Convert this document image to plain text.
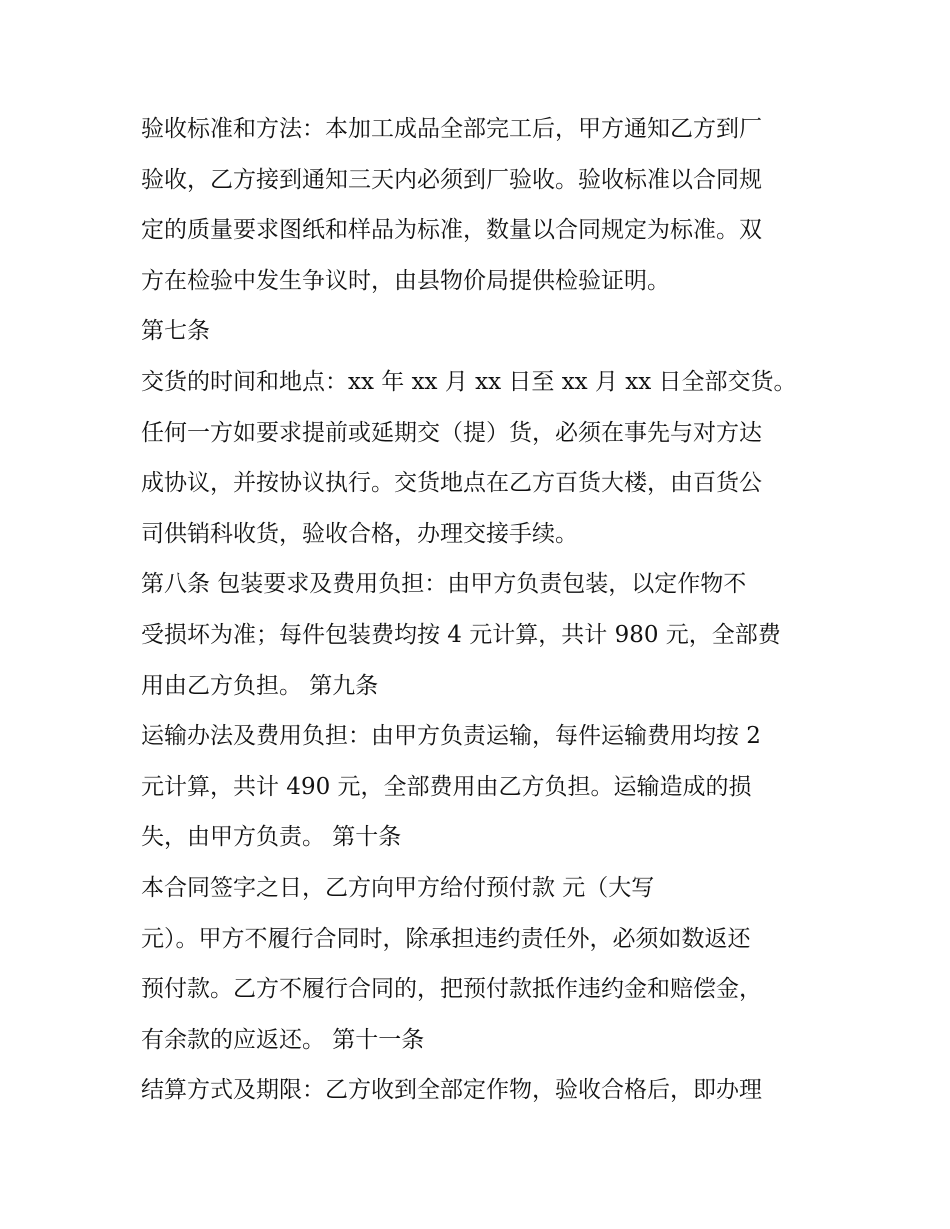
验收标准和方法：本加工成品全部完工后，甲方通知乙方到厂
验收，乙方接到通知三天内必须到厂验收。验收标准以合同规
定的质量要求图纸和样品为标准，数量以合同规定为标准。双
方在检验中发生争议时，由县物价局提供检验证明。
第七条
交货的时间和地点：xx 年 xx 月 xx 日至 xx 月 xx 日全部交货。
任何一方如要求提前或延期交（提）货，必须在事先与对方达
成协议，并按协议执行。交货地点在乙方百货大楼，由百货公
司供销科收货，验收合格，办理交接手续。
第八条 包装要求及费用负担：由甲方负责包装，以定作物不
受损坏为准；每件包装费均按 4 元计算，共计 980 元，全部费
用由乙方负担。 第九条
运输办法及费用负担：由甲方负责运输，每件运输费用均按 2
元计算，共计 490 元，全部费用由乙方负担。运输造成的损
失，由甲方负责。 第十条
本合同签字之日，乙方向甲方给付预付款 元（大写
元）。甲方不履行合同时，除承担违约责任外，必须如数返还
预付款。乙方不履行合同的，把预付款抵作违约金和赔偿金，
有余款的应返还。 第十一条
结算方式及期限：乙方收到全部定作物，验收合格后，即办理
